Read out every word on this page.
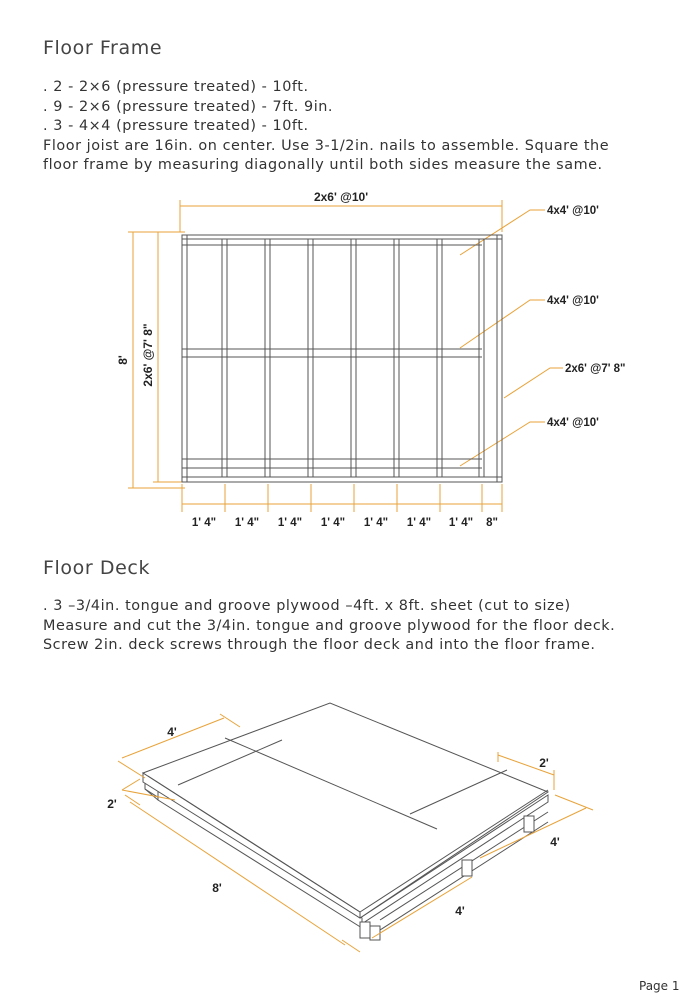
Floor Frame
. 2 - 2×6 (pressure treated) - 10ft.
. 9 - 2×6 (pressure treated) - 7ft. 9in.
. 3 - 4×4 (pressure treated) - 10ft.
Floor joist are 16in. on center. Use 3-1/2in. nails to assemble. Square the
floor frame by measuring diagonally until both sides measure the same.
2x6' @10'
8' 2x6' @7' 8"
4x4' @10'
4x4' @10'
2x6' @7' 8"
4x4' @10'
1' 4" 1' 4" 1' 4" 1' 4" 1' 4" 1' 4" 1' 4" 8"
Floor Deck
. 3 –3/4in. tongue and groove plywood –4ft. x 8ft. sheet (cut to size)
Measure and cut the 3/4in. tongue and groove plywood for the floor deck.
Screw 2in. deck screws through the floor deck and into the floor frame.
4'
2'
8'
2'
4'
4'
Page 1
